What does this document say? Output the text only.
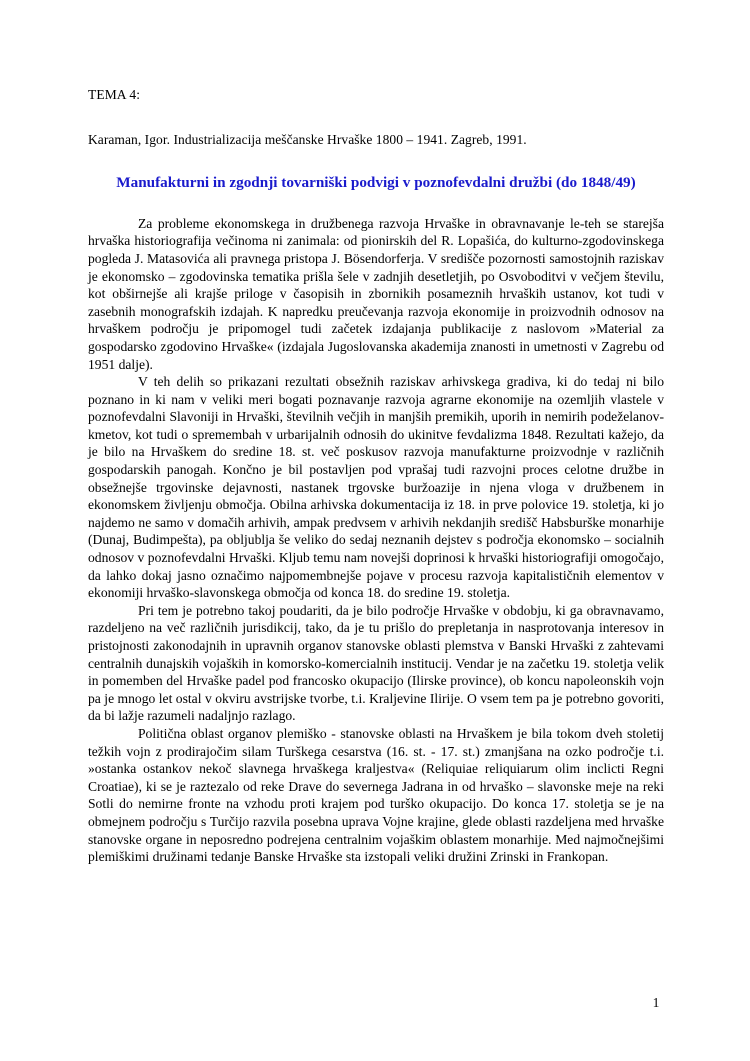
TEMA 4:

Karaman, Igor. Industrializacija meščanske Hrvaške 1800 – 1941. Zagreb, 1991.

Manufakturni in zgodnji tovarniški podvigi v poznofevdalni družbi (do 1848/49)

Za probleme ekonomskega in družbenega razvoja Hrvaške in obravnavanje le-teh se starejša hrvaška historiografija večinoma ni zanimala: od pionirskih del R. Lopašića, do kulturno-zgodovinskega pogleda J. Matasovića ali pravnega pristopa J. Bösendorferja. V središče pozornosti samostojnih raziskav je ekonomsko – zgodovinska tematika prišla šele v zadnjih desetletjih, po Osvoboditvi v večjem številu, kot obširnejše ali krajše priloge v časopisih in zbornikih posameznih hrvaških ustanov, kot tudi v zasebnih monografskih izdajah. K napredku preučevanja razvoja ekonomije in proizvodnih odnosov na hrvaškem področju je pripomogel tudi začetek izdajanja publikacije z naslovom »Material za gospodarsko zgodovino Hrvaške« (izdajala Jugoslovanska akademija znanosti in umetnosti v Zagrebu od 1951 dalje).

V teh delih so prikazani rezultati obsežnih raziskav arhivskega gradiva, ki do tedaj ni bilo poznano in ki nam v veliki meri bogati poznavanje razvoja agrarne ekonomije na ozemljih vlastele v poznofevdalni Slavoniji in Hrvaški, številnih večjih in manjših premikih, uporih in nemirih podeželanov-kmetov, kot tudi o spremembah v urbarijalnih odnosih do ukinitve fevdalizma 1848. Rezultati kažejo, da je bilo na Hrvaškem do sredine 18. st. več poskusov razvoja manufakturne proizvodnje v različnih gospodarskih panogah. Končno je bil postavljen pod vprašaj tudi razvojni proces celotne družbe in obsežnejše trgovinske dejavnosti, nastanek trgovske buržoazije in njena vloga v družbenem in ekonomskem življenju območja. Obilna arhivska dokumentacija iz 18. in prve polovice 19. stoletja, ki jo najdemo ne samo v domačih arhivih, ampak predvsem v arhivih nekdanjih središč Habsburške monarhije (Dunaj, Budimpešta), pa obljublja še veliko do sedaj neznanih dejstev s področja ekonomsko – socialnih odnosov v poznofevdalni Hrvaški. Kljub temu nam novejši doprinosi k hrvaški historiografiji omogočajo, da lahko dokaj jasno označimo najpomembnejše pojave v procesu razvoja kapitalističnih elementov v ekonomiji hrvaško-slavonskega območja od konca 18. do sredine 19. stoletja.

Pri tem je potrebno takoj poudariti, da je bilo področje Hrvaške v obdobju, ki ga obravnavamo, razdeljeno na več različnih jurisdikcij, tako, da je tu prišlo do prepletanja in nasprotovanja interesov in pristojnosti zakonodajnih in upravnih organov stanovske oblasti plemstva v Banski Hrvaški z zahtevami centralnih dunajskih vojaških in komorsko-komercialnih institucij. Vendar je na začetku 19. stoletja velik in pomemben del Hrvaške padel pod francosko okupacijo (Ilirske province), ob koncu napoleonskih vojn pa je mnogo let ostal v okviru avstrijske tvorbe, t.i. Kraljevine Ilirije. O vsem tem pa je potrebno govoriti, da bi lažje razumeli nadaljnjo razlago.

Politična oblast organov plemiško - stanovske oblasti na Hrvaškem je bila tokom dveh stoletij težkih vojn z prodirajočim silam Turškega cesarstva (16. st. - 17. st.) zmanjšana na ozko področje t.i. »ostanka ostankov nekoč slavnega hrvaškega kraljestva« (Reliquiae reliquiarum olim inclicti Regni Croatiae), ki se je raztezalo od reke Drave do severnega Jadrana in od hrvaško – slavonske meje na reki Sotli do nemirne fronte na vzhodu proti krajem pod turško okupacijo. Do konca 17. stoletja se je na obmejnem področju s Turčijo razvila posebna uprava Vojne krajine, glede oblasti razdeljena med hrvaške stanovske organe in neposredno podrejena centralnim vojaškim oblastem monarhije. Med najmočnejšimi plemiškimi družinami tedanje Banske Hrvaške sta izstopali veliki družini Zrinski in Frankopan.

1
